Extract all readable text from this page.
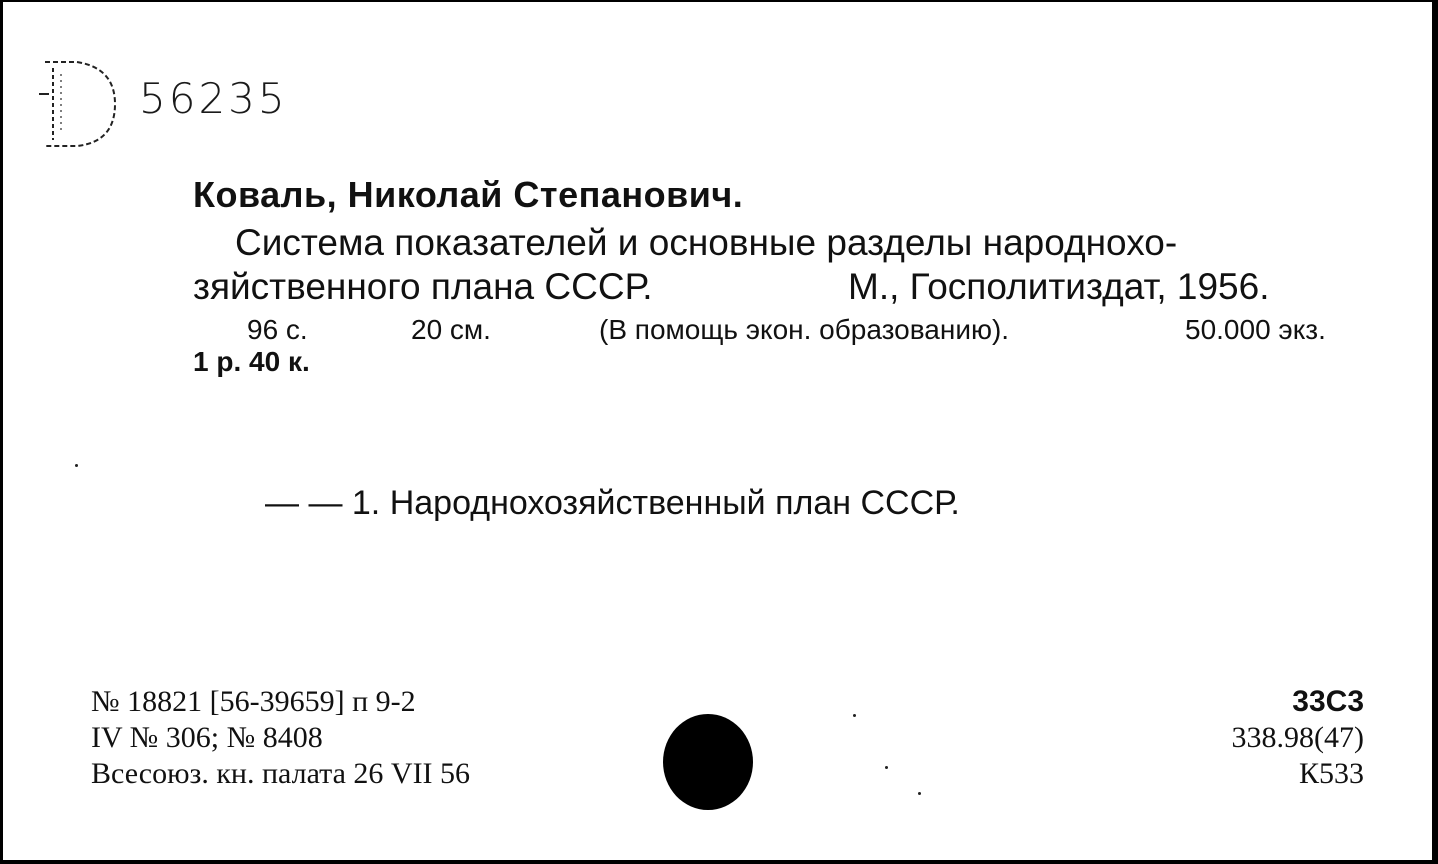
56235
Коваль, Николай Степанович.
Система показателей и основные разделы народнохо-
зяйственного плана СССР.	М., Госполитиздат, 1956.
96 с.	20 см.	(В помощь экон. образованию).	50.000 экз.
1 р. 40 к.
— — 1. Народнохозяйственный план СССР.
№ 18821 [56-39659] п 9-2
IV № 306; № 8408
Всесоюз. кн. палата 26 VII 56
33С3
338.98(47)
К533
